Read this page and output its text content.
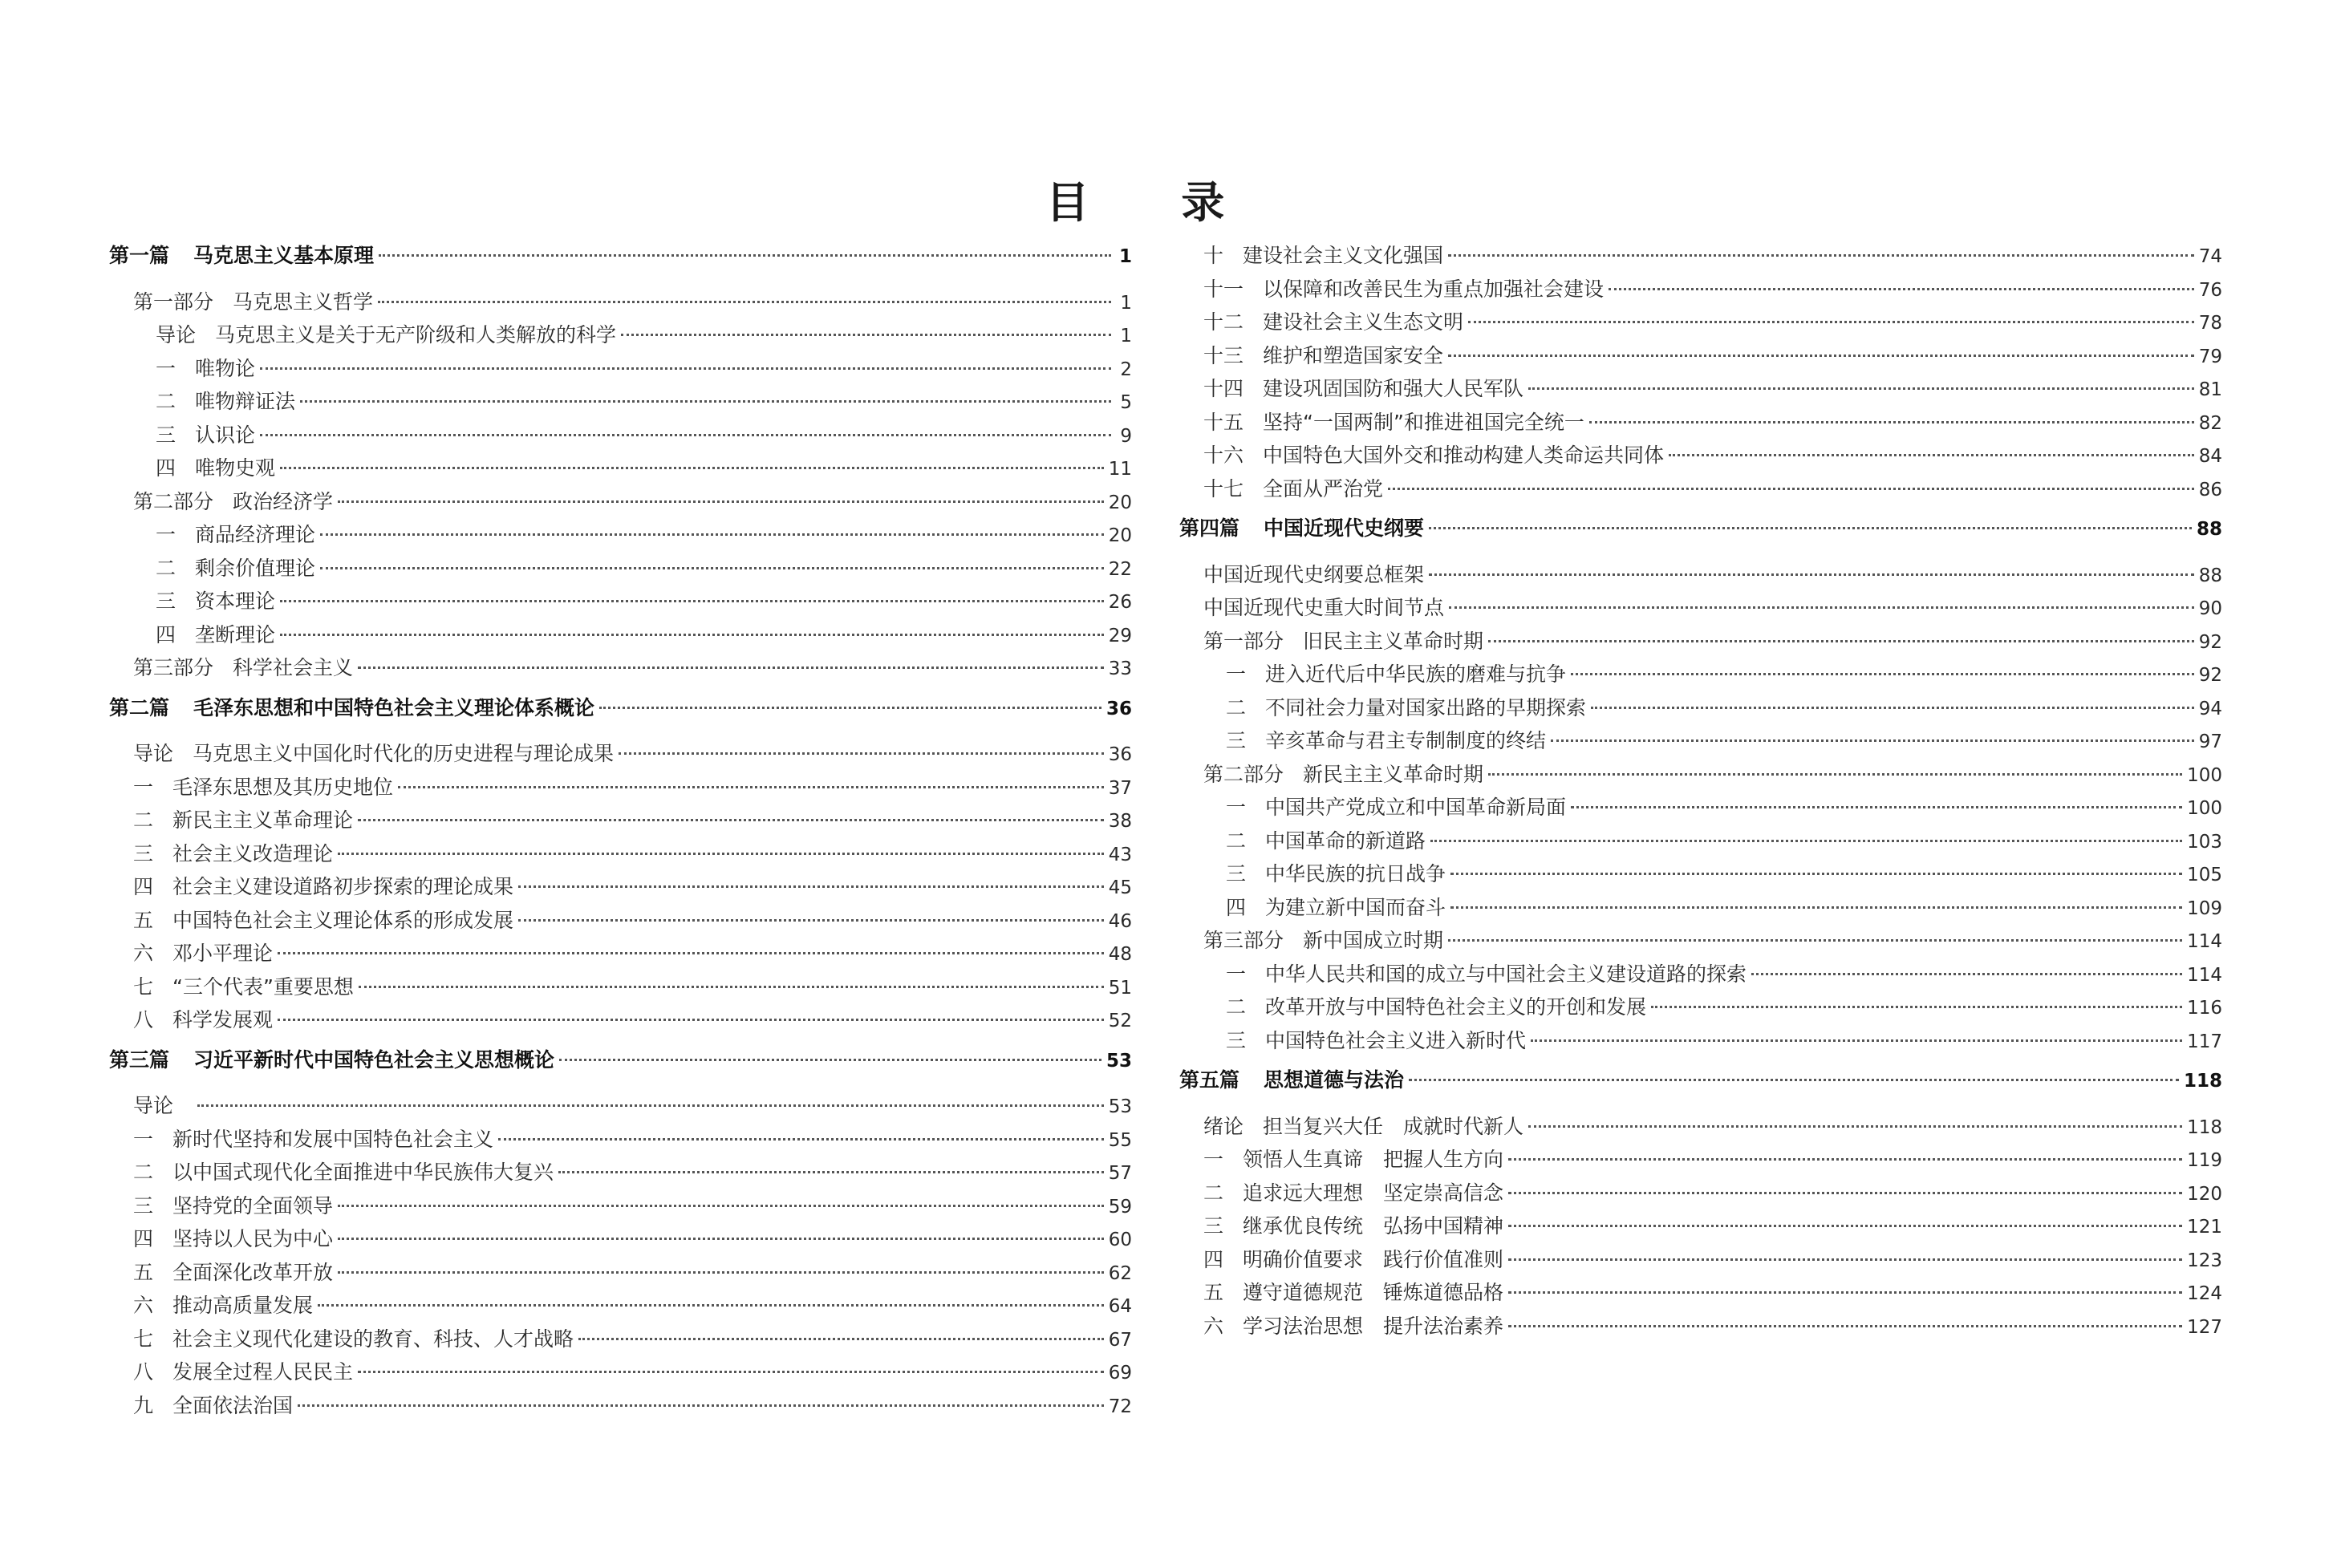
目 录
第一篇 马克思主义基本原理	1
第一部分 马克思主义哲学	1
导论 马克思主义是关于无产阶级和人类解放的科学	1
一 唯物论	2
二 唯物辩证法	5
三 认识论	9
四 唯物史观	11
第二部分 政治经济学	20
一 商品经济理论	20
二 剩余价值理论	22
三 资本理论	26
四 垄断理论	29
第三部分 科学社会主义	33
第二篇 毛泽东思想和中国特色社会主义理论体系概论	36
导论 马克思主义中国化时代化的历史进程与理论成果	36
一 毛泽东思想及其历史地位	37
二 新民主主义革命理论	38
三 社会主义改造理论	43
四 社会主义建设道路初步探索的理论成果	45
五 中国特色社会主义理论体系的形成发展	46
六 邓小平理论	48
七 “三个代表”重要思想	51
八 科学发展观	52
第三篇 习近平新时代中国特色社会主义思想概论	53
导论	53
一 新时代坚持和发展中国特色社会主义	55
二 以中国式现代化全面推进中华民族伟大复兴	57
三 坚持党的全面领导	59
四 坚持以人民为中心	60
五 全面深化改革开放	62
六 推动高质量发展	64
七 社会主义现代化建设的教育、科技、人才战略	67
八 发展全过程人民民主	69
九 全面依法治国	72
十 建设社会主义文化强国	74
十一 以保障和改善民生为重点加强社会建设	76
十二 建设社会主义生态文明	78
十三 维护和塑造国家安全	79
十四 建设巩固国防和强大人民军队	81
十五 坚持“一国两制”和推进祖国完全统一	82
十六 中国特色大国外交和推动构建人类命运共同体	84
十七 全面从严治党	86
第四篇 中国近现代史纲要	88
中国近现代史纲要总框架	88
中国近现代史重大时间节点	90
第一部分 旧民主主义革命时期	92
一 进入近代后中华民族的磨难与抗争	92
二 不同社会力量对国家出路的早期探索	94
三 辛亥革命与君主专制制度的终结	97
第二部分 新民主主义革命时期	100
一 中国共产党成立和中国革命新局面	100
二 中国革命的新道路	103
三 中华民族的抗日战争	105
四 为建立新中国而奋斗	109
第三部分 新中国成立时期	114
一 中华人民共和国的成立与中国社会主义建设道路的探索	114
二 改革开放与中国特色社会主义的开创和发展	116
三 中国特色社会主义进入新时代	117
第五篇 思想道德与法治	118
绪论 担当复兴大任　成就时代新人	118
一 领悟人生真谛　把握人生方向	119
二 追求远大理想　坚定崇高信念	120
三 继承优良传统　弘扬中国精神	121
四 明确价值要求　践行价值准则	123
五 遵守道德规范　锤炼道德品格	124
六 学习法治思想　提升法治素养	127
